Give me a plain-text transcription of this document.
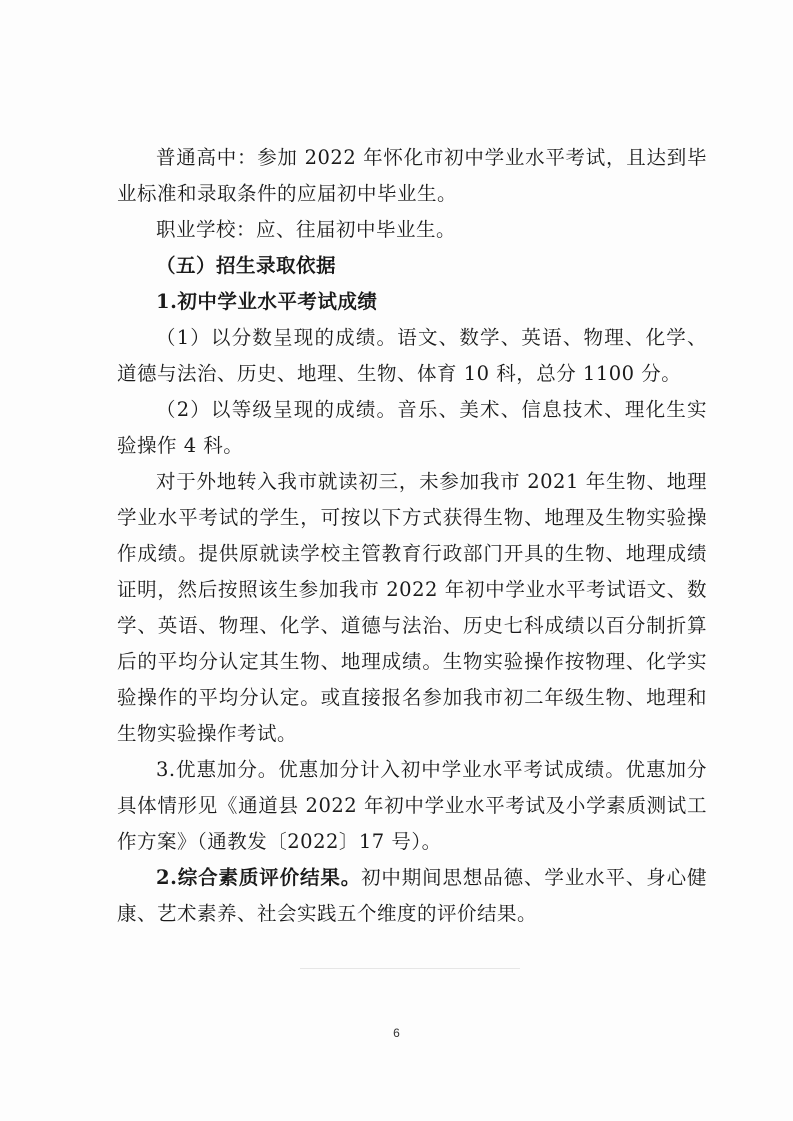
普通高中：参加 2022 年怀化市初中学业水平考试，且达到毕业标准和录取条件的应届初中毕业生。

职业学校：应、往届初中毕业生。

（五）招生录取依据

1.初中学业水平考试成绩

（1）以分数呈现的成绩。语文、数学、英语、物理、化学、道德与法治、历史、地理、生物、体育 10 科，总分 1100 分。

（2）以等级呈现的成绩。音乐、美术、信息技术、理化生实验操作 4 科。

对于外地转入我市就读初三，未参加我市 2021 年生物、地理学业水平考试的学生，可按以下方式获得生物、地理及生物实验操作成绩。提供原就读学校主管教育行政部门开具的生物、地理成绩证明，然后按照该生参加我市 2022 年初中学业水平考试语文、数学、英语、物理、化学、道德与法治、历史七科成绩以百分制折算后的平均分认定其生物、地理成绩。生物实验操作按物理、化学实验操作的平均分认定。或直接报名参加我市初二年级生物、地理和生物实验操作考试。

3.优惠加分。优惠加分计入初中学业水平考试成绩。优惠加分具体情形见《通道县 2022 年初中学业水平考试及小学素质测试工作方案》（通教发〔2022〕17 号）。

2.综合素质评价结果。初中期间思想品德、学业水平、身心健康、艺术素养、社会实践五个维度的评价结果。

6
